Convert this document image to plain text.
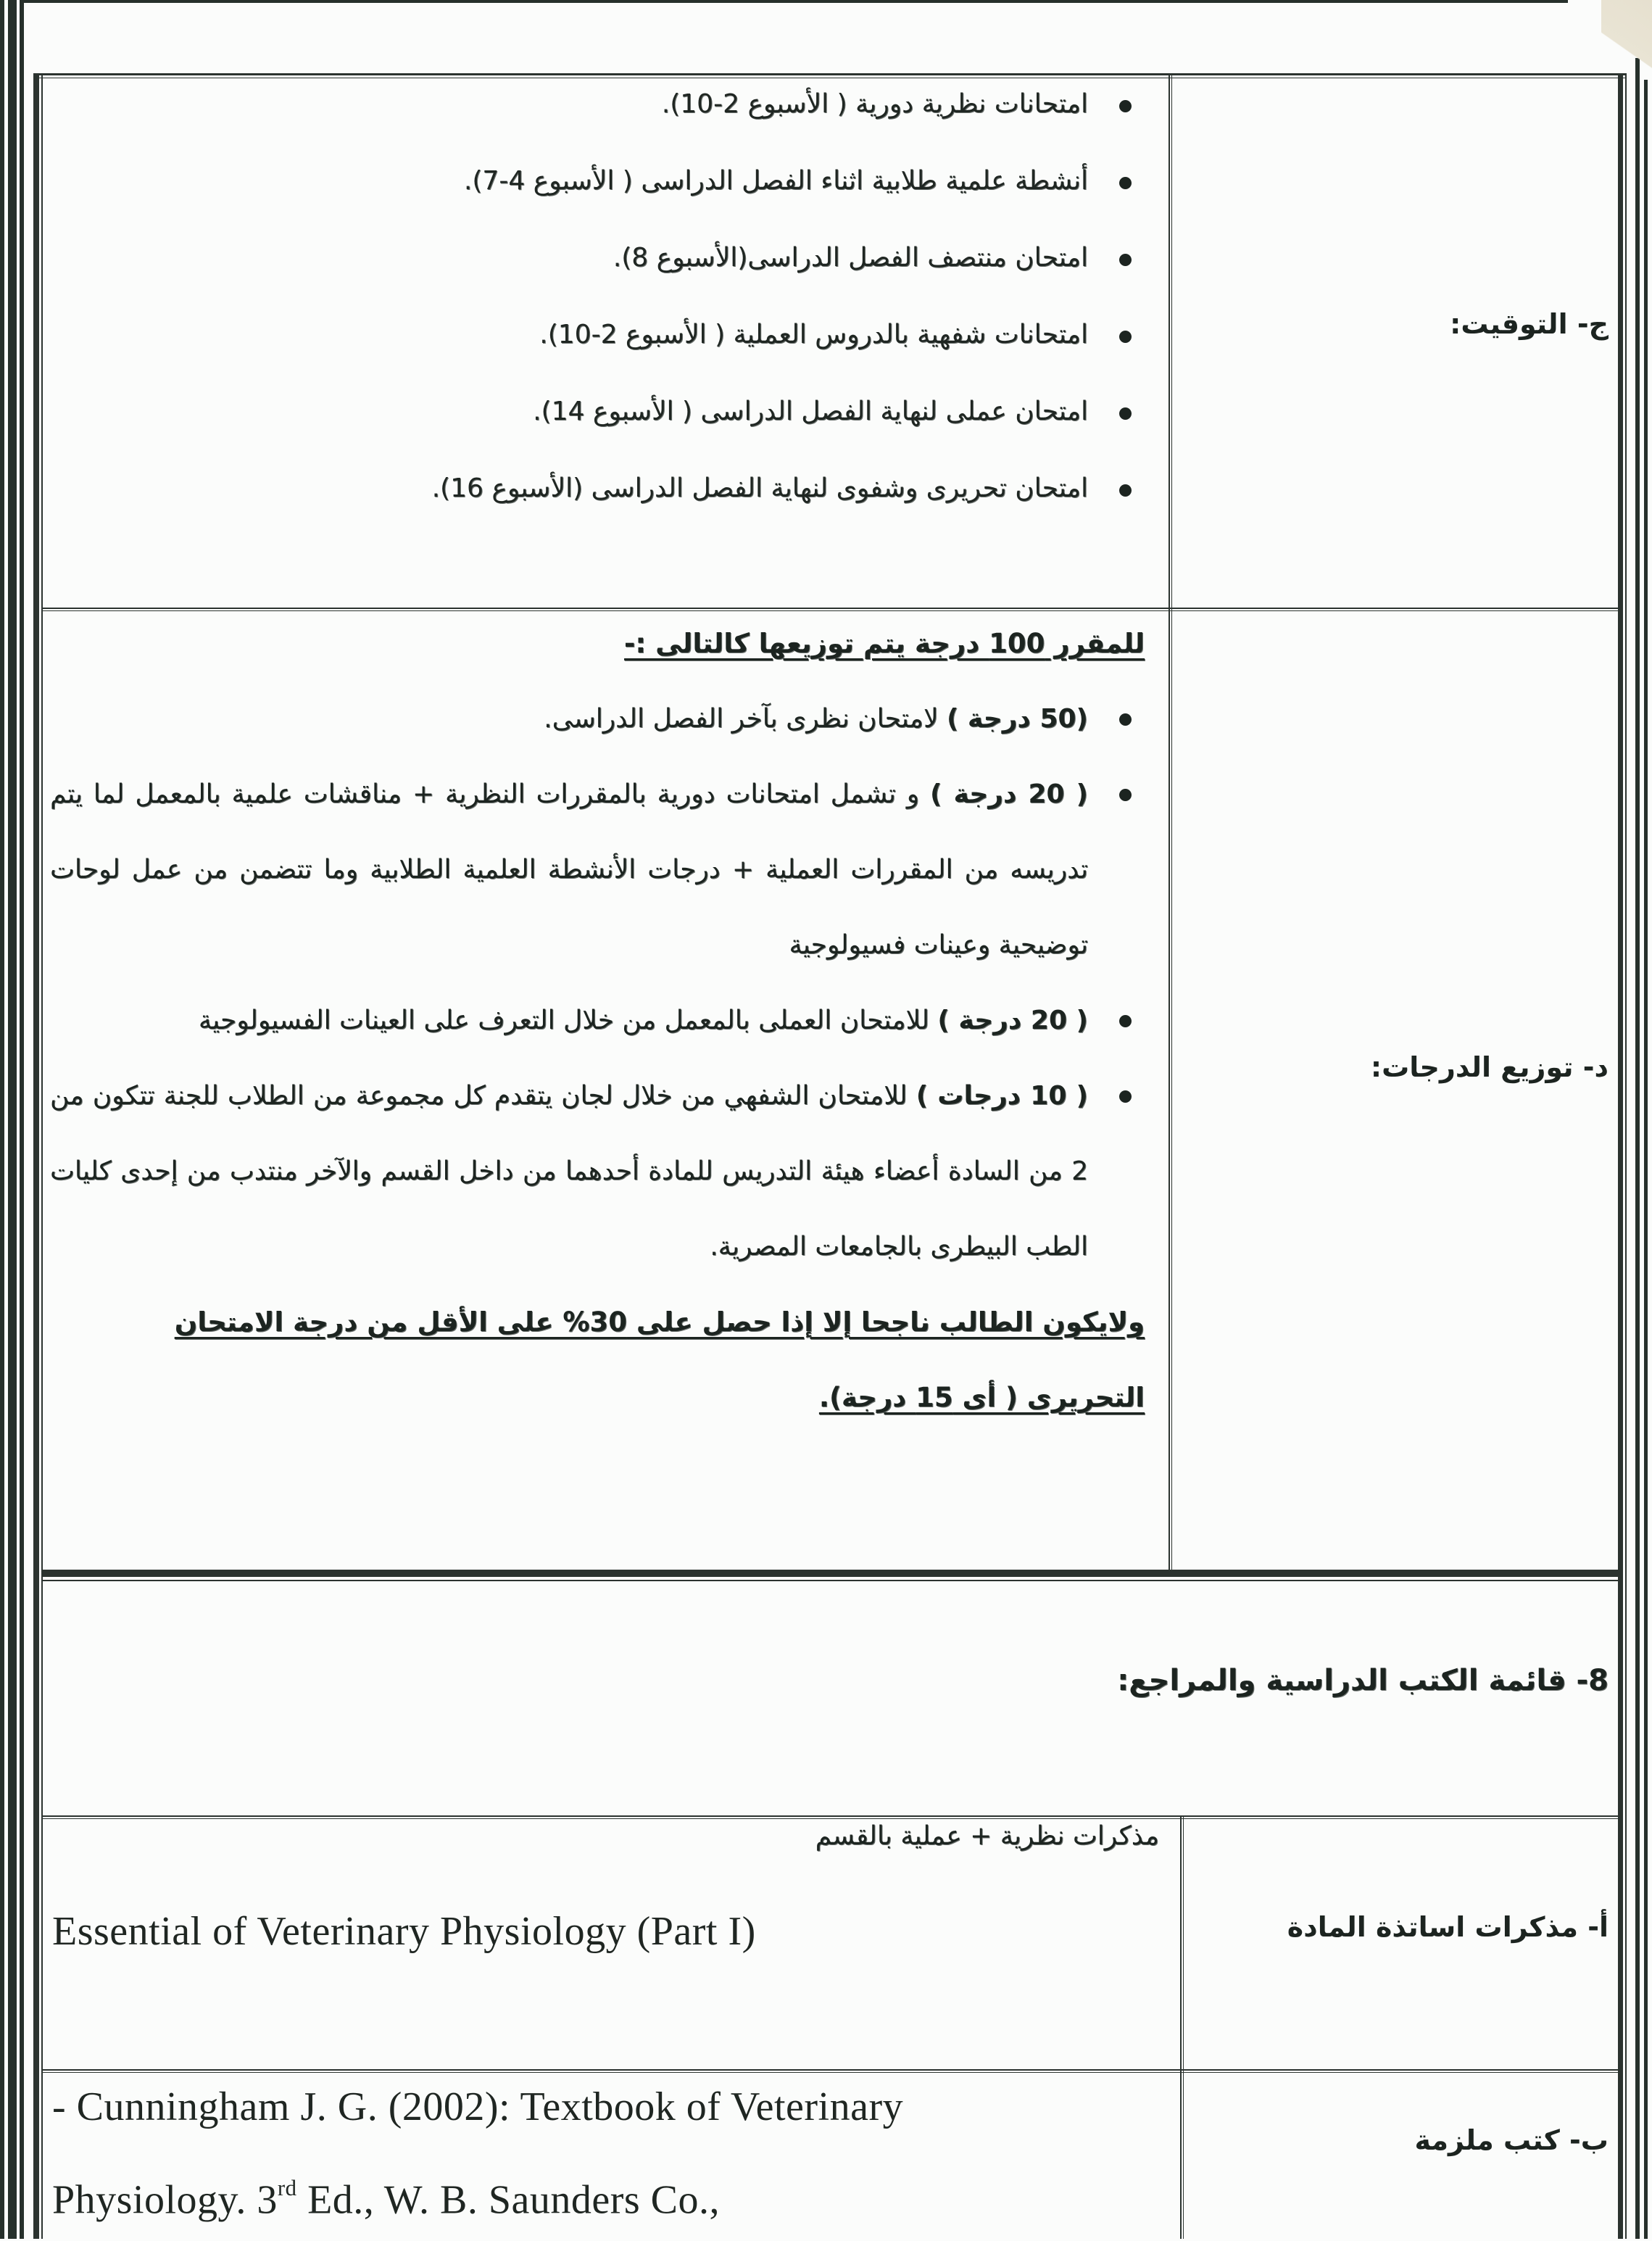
ج- التوقيت:
امتحانات نظرية دورية ( الأسبوع 2-10).
أنشطة علمية طلابية اثناء الفصل الدراسى ( الأسبوع 4-7).
امتحان منتصف الفصل الدراسى(الأسبوع 8).
امتحانات شفهية بالدروس العملية ( الأسبوع 2-10).
امتحان عملى لنهاية الفصل الدراسى ( الأسبوع 14).
امتحان تحريرى وشفوى لنهاية الفصل الدراسى (الأسبوع 16).
د- توزيع الدرجات:
للمقرر 100 درجة يتم توزيعها كالتالى :-
(50 درجة ) لامتحان نظرى بآخر الفصل الدراسى.
( 20 درجة ) و تشمل امتحانات دورية بالمقررات النظرية + مناقشات علمية بالمعمل لما يتم تدريسه من المقررات العملية + درجات الأنشطة العلمية الطلابية وما تتضمن من عمل لوحات توضيحية وعينات فسيولوجية
( 20 درجة ) للامتحان العملى بالمعمل من خلال التعرف على العينات الفسيولوجية
( 10 درجات ) للامتحان الشفهي من خلال لجان يتقدم كل مجموعة من الطلاب للجنة تتكون من 2 من السادة أعضاء هيئة التدريس للمادة أحدهما من داخل القسم والآخر منتدب من إحدى كليات الطب البيطرى بالجامعات المصرية.
ولايكون الطالب ناجحا إلا إذا حصل على 30% على الأقل من درجة الامتحان التحريرى ( أى 15 درجة).
8- قائمة الكتب الدراسية والمراجع:
أ- مذكرات اساتذة المادة
مذكرات نظرية + عملية بالقسم
Essential of Veterinary Physiology (Part I)
ب- كتب ملزمة
- Cunningham J. G. (2002): Textbook of Veterinary
Physiology. 3rd Ed., W. B. Saunders Co.,
